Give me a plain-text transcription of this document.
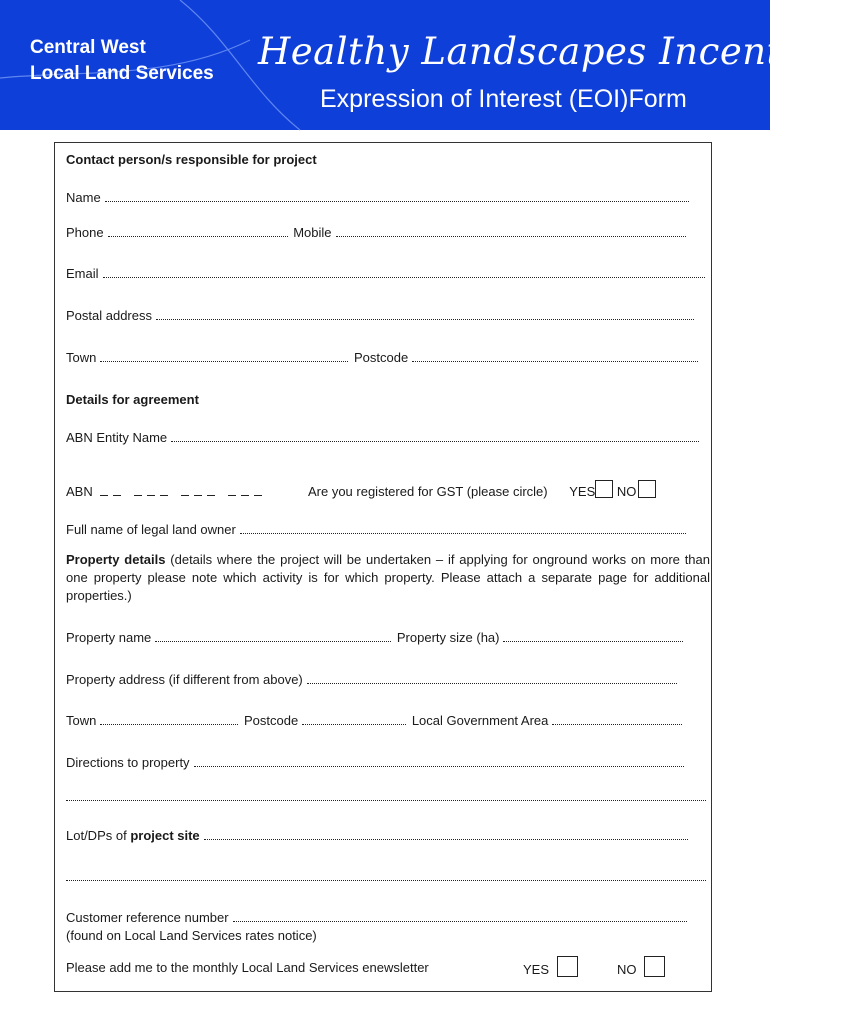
Central West
Local Land Services
Healthy Landscapes Incentives
Expression of Interest (EOI)Form
Contact person/s responsible for project
Name
Phone	Mobile
Email
Postal address
Town	Postcode
Details for agreement
ABN Entity Name
ABN	Are you registered for GST (please circle) YES NO
Full name of legal land owner
Property details (details where the project will be undertaken – if applying for onground works on more than one property please note which activity is for which property. Please attach a separate page for additional properties.)
Property name	Property size (ha)
Property address (if different from above)
Town	Postcode	Local Government Area
Directions to property
Lot/DPs of project site
Customer reference number
(found on Local Land Services rates notice)
Please add me to the monthly Local Land Services enewsletter	YES	NO
